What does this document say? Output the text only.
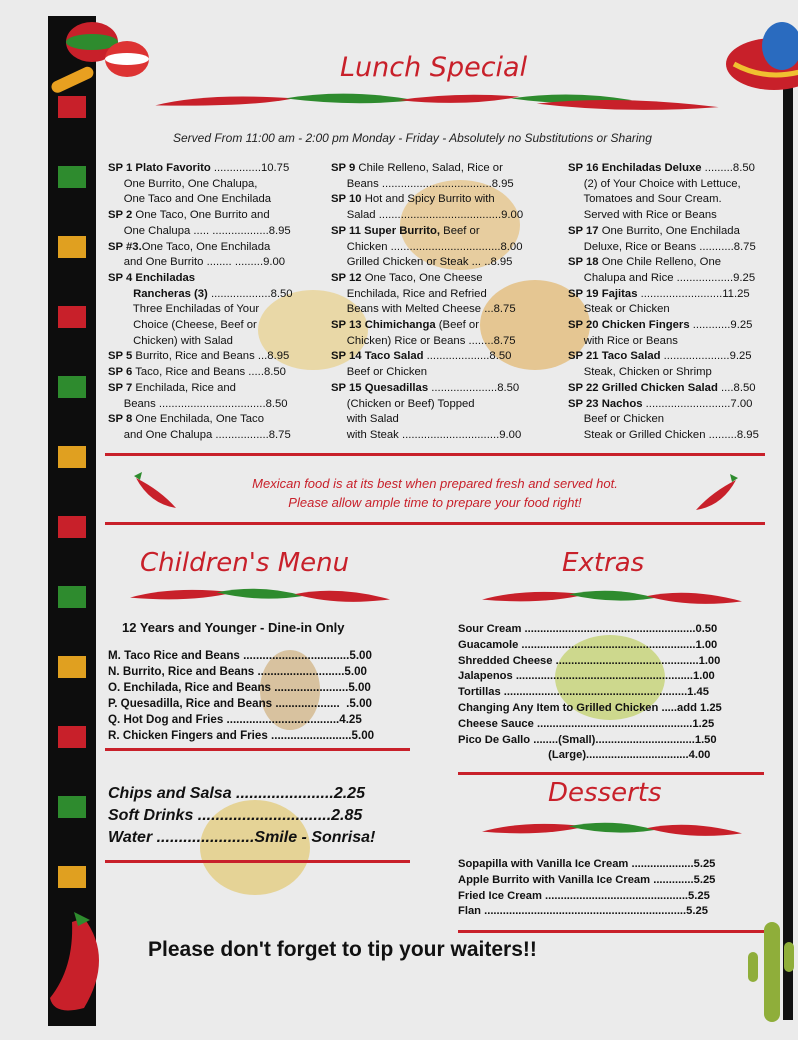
Lunch Special
Served From 11:00 am - 2:00 pm Monday - Friday - Absolutely no Substitutions or Sharing
SP 1 Plato Favorito ...............10.75
One Burrito, One Chalupa,
One Taco and One Enchilada
SP 2 One Taco, One Burrito and
One Chalupa ..... ..................8.95
SP #3.One Taco, One Enchilada
and One Burrito ........ .........9.00
SP 4 Enchiladas
Rancheras (3) ...................8.50
Three Enchiladas of Your
Choice (Cheese, Beef or
Chicken) with Salad
SP 5 Burrito, Rice and Beans ...8.95
SP 6 Taco, Rice and Beans .....8.50
SP 7 Enchilada, Rice and
Beans ..................................8.50
SP 8 One Enchilada, One Taco
and One Chalupa .................8.75
SP 9 Chile Relleno, Salad, Rice or
Beans ...................................8.95
SP 10 Hot and Spicy Burrito with
Salad .......................................9.00
SP 11 Super Burrito, Beef or
Chicken ...................................8.00
Grilled Chicken or Steak ... ..8.95
SP 12 One Taco, One Cheese
Enchilada, Rice and Refried
Beans with Melted Cheese ...8.75
SP 13 Chimichanga (Beef or
Chicken) Rice or Beans ........8.75
SP 14 Taco Salad ....................8.50
Beef or Chicken
SP 15 Quesadillas .....................8.50
(Chicken or Beef) Topped
with Salad
with Steak ...............................9.00
SP 16 Enchiladas Deluxe .........8.50
(2) of Your Choice with Lettuce,
Tomatoes and Sour Cream.
Served with Rice or Beans
SP 17 One Burrito, One Enchilada
Deluxe, Rice or Beans ...........8.75
SP 18 One Chile Relleno, One
Chalupa and Rice ..................9.25
SP 19 Fajitas ..........................11.25
Steak or Chicken
SP 20 Chicken Fingers ............9.25
with Rice or Beans
SP 21 Taco Salad .....................9.25
Steak, Chicken or Shrimp
SP 22 Grilled Chicken Salad ....8.50
SP 23 Nachos ...........................7.00
Beef or Chicken
Steak or Grilled Chicken .........8.95
Mexican food is at its best when prepared fresh and served hot.
Please allow ample time to prepare your food right!
Children's Menu
12 Years and Younger - Dine-in Only
M. Taco Rice and Beans .................................5.00
N. Burrito, Rice and Beans ...........................5.00
O. Enchilada, Rice and Beans .......................5.00
P. Quesadilla, Rice and Beans ....................  .5.00
Q. Hot Dog and Fries ...................................4.25
R. Chicken Fingers and Fries .........................5.00
Chips and Salsa ......................2.25
Soft Drinks ..............................2.85
Water ......................Smile - Sonrisa!
Extras
Sour Cream .......................................................0.50
Guacamole ........................................................1.00
Shredded Cheese ..............................................1.00
Jalapenos .........................................................1.00
Tortillas ...........................................................1.45
Changing Any Item to Grilled Chicken .....add 1.25
Cheese Sauce ..................................................1.25
Pico De Gallo ........(Small)................................1.50
(Large).................................4.00
Desserts
Sopapilla with Vanilla Ice Cream ....................5.25
Apple Burrito with Vanilla Ice Cream .............5.25
Fried Ice Cream ..............................................5.25
Flan .................................................................5.25
Please don't forget to tip your waiters!!
